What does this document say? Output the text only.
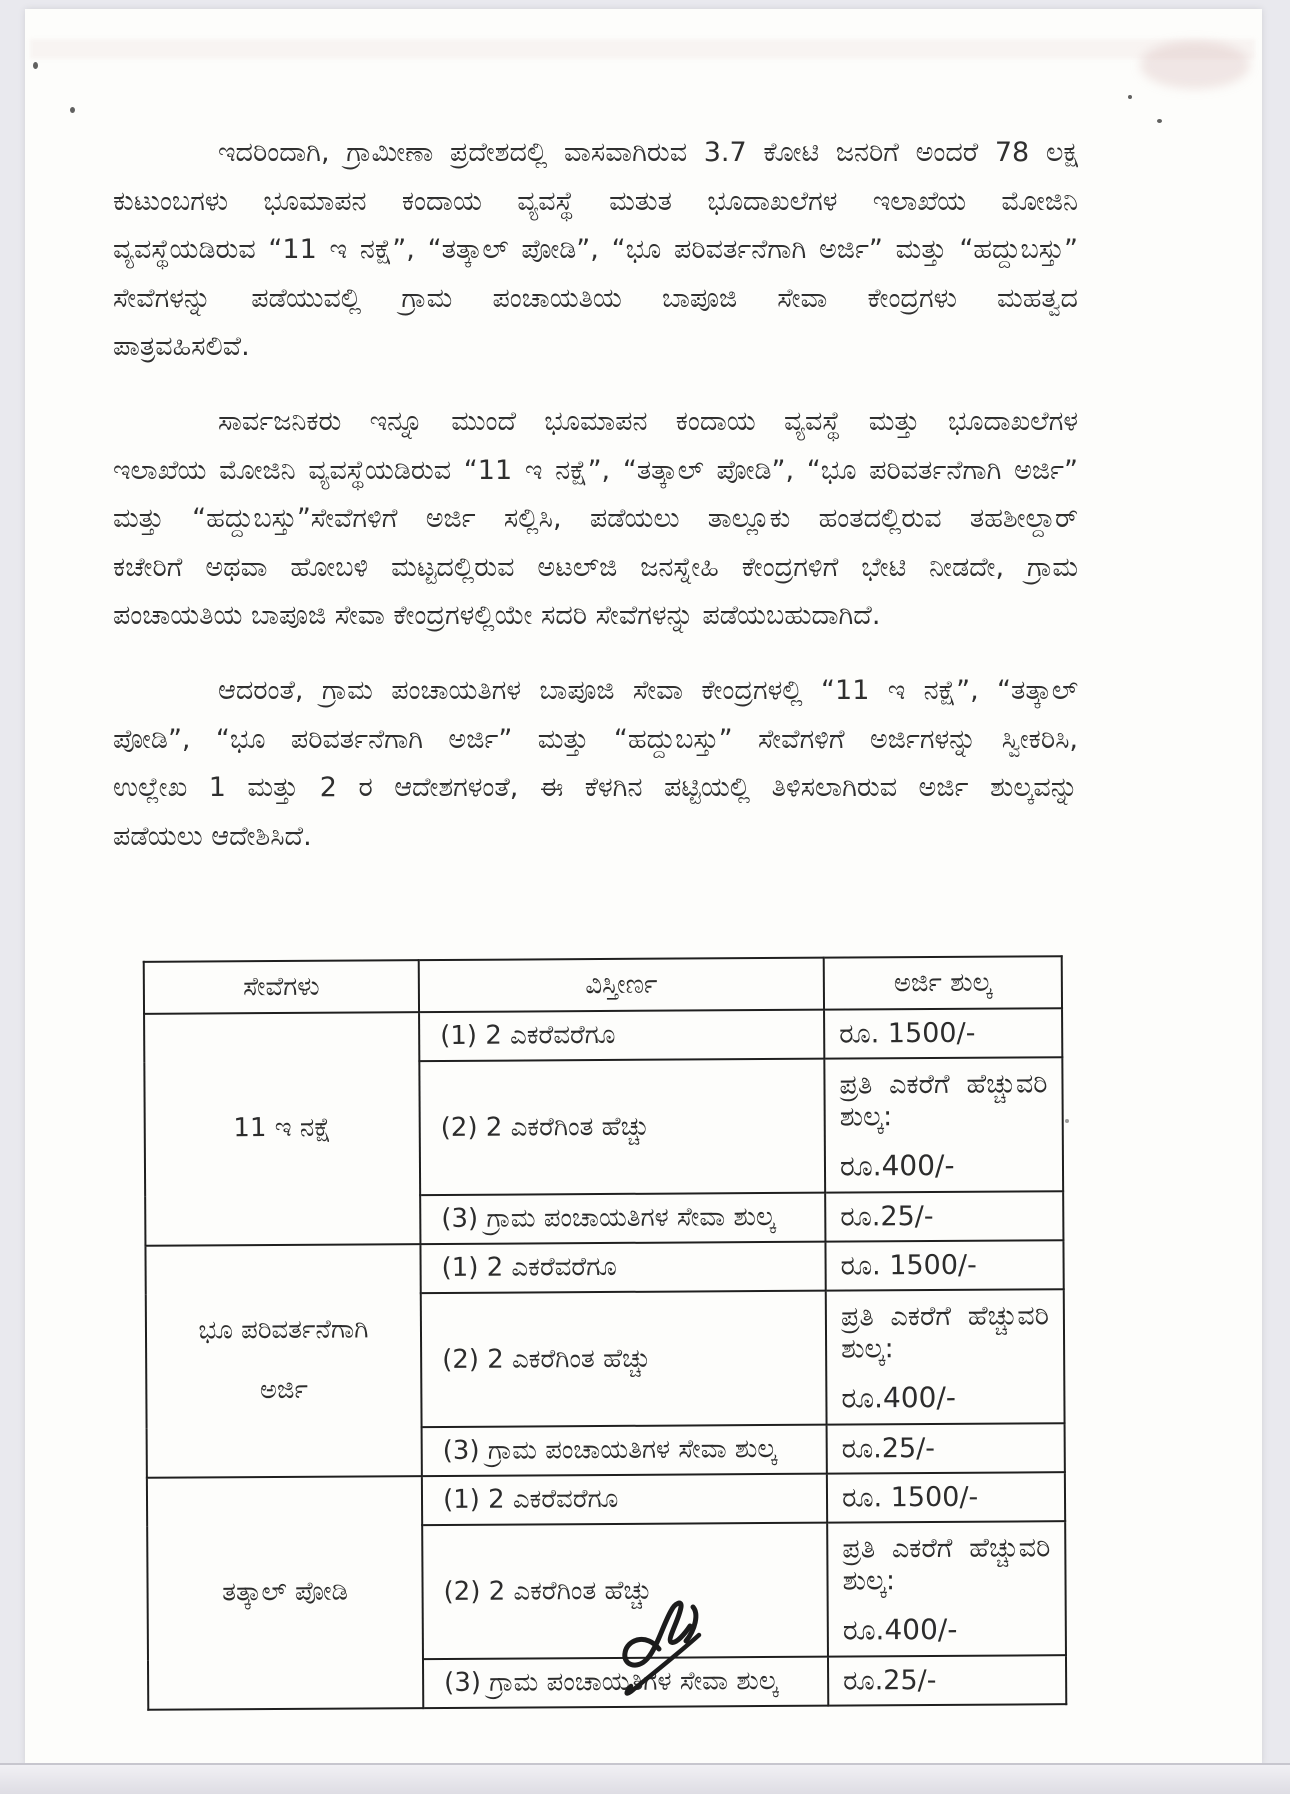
ಇದರಿಂದಾಗಿ, ಗ್ರಾಮೀಣಾ ಪ್ರದೇಶದಲ್ಲಿ ವಾಸವಾಗಿರುವ 3.7 ಕೋಟಿ ಜನರಿಗೆ ಅಂದರೆ 78 ಲಕ್ಷ
ಕುಟುಂಬಗಳು ಭೂಮಾಪನ ಕಂದಾಯ ವ್ಯವಸ್ಥೆ ಮತುತ ಭೂದಾಖಲೆಗಳ ಇಲಾಖೆಯ ಮೋಜಿನಿ
ವ್ಯವಸ್ಥೆಯಡಿರುವ “11 ಇ ನಕ್ಷೆ”, “ತತ್ಕಾಲ್ ಪೋಡಿ”, “ಭೂ ಪರಿವರ್ತನೆಗಾಗಿ ಅರ್ಜಿ” ಮತ್ತು “ಹದ್ದುಬಸ್ತು”
ಸೇವೆಗಳನ್ನು ಪಡೆಯುವಲ್ಲಿ ಗ್ರಾಮ ಪಂಚಾಯತಿಯ ಬಾಪೂಜಿ ಸೇವಾ ಕೇಂದ್ರಗಳು ಮಹತ್ವದ
ಪಾತ್ರವಹಿಸಲಿವೆ.

ಸಾರ್ವಜನಿಕರು ಇನ್ನೂ ಮುಂದೆ ಭೂಮಾಪನ ಕಂದಾಯ ವ್ಯವಸ್ಥೆ ಮತ್ತು ಭೂದಾಖಲೆಗಳ
ಇಲಾಖೆಯ ಮೋಜಿನಿ ವ್ಯವಸ್ಥೆಯಡಿರುವ “11 ಇ ನಕ್ಷೆ”, “ತತ್ಕಾಲ್ ಪೋಡಿ”, “ಭೂ ಪರಿವರ್ತನೆಗಾಗಿ ಅರ್ಜಿ”
ಮತ್ತು “ಹದ್ದುಬಸ್ತು”ಸೇವೆಗಳಿಗೆ ಅರ್ಜಿ ಸಲ್ಲಿಸಿ, ಪಡೆಯಲು ತಾಲ್ಲೂಕು ಹಂತದಲ್ಲಿರುವ ತಹಶೀಲ್ದಾರ್
ಕಚೇರಿಗೆ ಅಥವಾ ಹೋಬಳಿ ಮಟ್ಟದಲ್ಲಿರುವ ಅಟಲ್‌ಜಿ ಜನಸ್ನೇಹಿ ಕೇಂದ್ರಗಳಿಗೆ ಭೇಟಿ ನೀಡದೇ, ಗ್ರಾಮ
ಪಂಚಾಯತಿಯ ಬಾಪೂಜಿ ಸೇವಾ ಕೇಂದ್ರಗಳಲ್ಲಿಯೇ ಸದರಿ ಸೇವೆಗಳನ್ನು ಪಡೆಯಬಹುದಾಗಿದೆ.

ಆದರಂತೆ, ಗ್ರಾಮ ಪಂಚಾಯತಿಗಳ ಬಾಪೂಜಿ ಸೇವಾ ಕೇಂದ್ರಗಳಲ್ಲಿ “11 ಇ ನಕ್ಷೆ”, “ತತ್ಕಾಲ್
ಪೋಡಿ”, “ಭೂ ಪರಿವರ್ತನೆಗಾಗಿ ಅರ್ಜಿ” ಮತ್ತು “ಹದ್ದುಬಸ್ತು” ಸೇವೆಗಳಿಗೆ ಅರ್ಜಿಗಳನ್ನು ಸ್ವೀಕರಿಸಿ,
ಉಲ್ಲೇಖ 1 ಮತ್ತು 2 ರ ಆದೇಶಗಳಂತೆ, ಈ ಕೆಳಗಿನ ಪಟ್ಟಿಯಲ್ಲಿ ತಿಳಿಸಲಾಗಿರುವ ಅರ್ಜಿ ಶುಲ್ಕವನ್ನು
ಪಡೆಯಲು ಆದೇಶಿಸಿದೆ.

ಸೇವೆಗಳು	ವಿಸ್ತೀರ್ಣ	ಅರ್ಜಿ ಶುಲ್ಕ
11 ಇ ನಕ್ಷೆ	(1) 2 ಎಕರೆವರೆಗೂ	ರೂ. 1500/-
	(2) 2 ಎಕರೆಗಿಂತ ಹೆಚ್ಚು	ಪ್ರತಿ ಎಕರೆಗೆ ಹೆಚ್ಚುವರಿ ಶುಲ್ಕ:
ರೂ.400/-

	(3) ಗ್ರಾಮ ಪಂಚಾಯತಿಗಳ ಸೇವಾ ಶುಲ್ಕ	ರೂ.25/-
ಭೂ ಪರಿವರ್ತನೆಗಾಗಿ ಅರ್ಜಿ	(1) 2 ಎಕರೆವರೆಗೂ	ರೂ. 1500/-
	(2) 2 ಎಕರೆಗಿಂತ ಹೆಚ್ಚು	ಪ್ರತಿ ಎಕರೆಗೆ ಹೆಚ್ಚುವರಿ ಶುಲ್ಕ:
ರೂ.400/-

	(3) ಗ್ರಾಮ ಪಂಚಾಯತಿಗಳ ಸೇವಾ ಶುಲ್ಕ	ರೂ.25/-
ತತ್ಕಾಲ್ ಪೋಡಿ	(1) 2 ಎಕರೆವರೆಗೂ	ರೂ. 1500/-
	(2) 2 ಎಕರೆಗಿಂತ ಹೆಚ್ಚು	ಪ್ರತಿ ಎಕರೆಗೆ ಹೆಚ್ಚುವರಿ ಶುಲ್ಕ:
ರೂ.400/-

	(3) ಗ್ರಾಮ ಪಂಚಾಯತಿಗಳ ಸೇವಾ ಶುಲ್ಕ	ರೂ.25/-
